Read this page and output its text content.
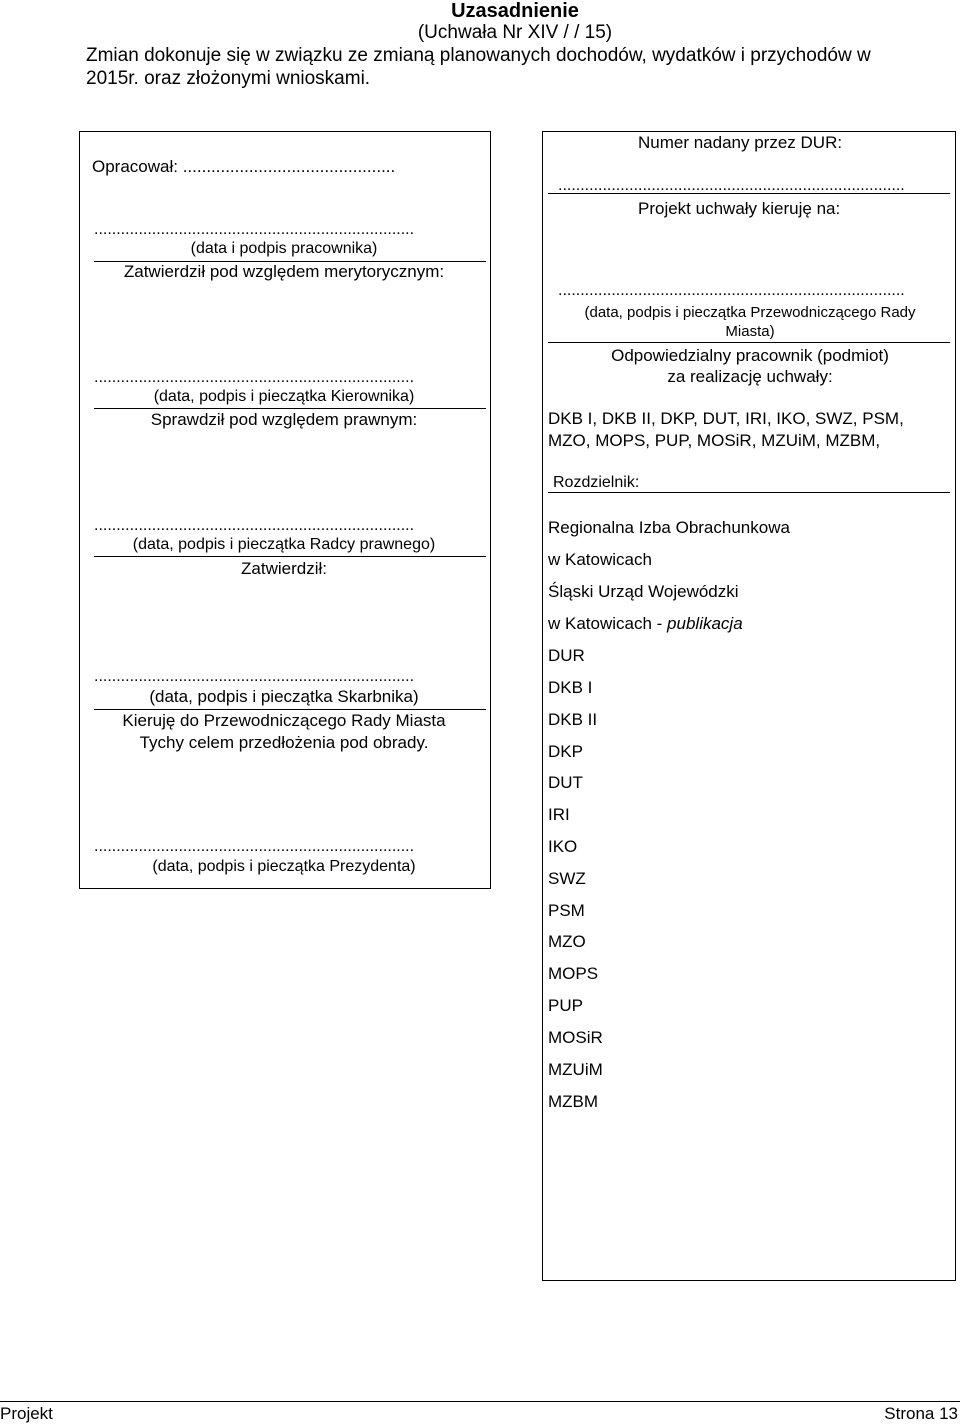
Uzasadnienie
(Uchwała Nr XIV / / 15)
Zmian dokonuje się w związku ze zmianą planowanych dochodów, wydatków i przychodów w
2015r. oraz złożonymi wnioskami.
Opracował: .............................................
........................................................................
(data i podpis pracownika)
Zatwierdził pod względem merytorycznym:
........................................................................
(data, podpis i pieczątka Kierownika)
Sprawdził pod względem prawnym:
........................................................................
(data, podpis i pieczątka Radcy prawnego)
Zatwierdził:
........................................................................
(data, podpis i pieczątka Skarbnika)
Kieruję do Przewodniczącego Rady Miasta
Tychy celem przedłożenia pod obrady.
........................................................................
(data, podpis i pieczątka Prezydenta)
Numer nadany przez DUR:
..............................................................................
Projekt uchwały kieruję na:
..............................................................................
(data, podpis i pieczątka Przewodniczącego Rady
Miasta)
Odpowiedzialny pracownik (podmiot)
za realizację uchwały:
DKB I, DKB II, DKP, DUT, IRI, IKO, SWZ, PSM,
MZO, MOPS, PUP, MOSiR, MZUiM, MZBM,
Rozdzielnik:
Regionalna Izba Obrachunkowa
w Katowicach
Śląski Urząd Wojewódzki
w Katowicach - publikacja
DUR
DKB I
DKB II
DKP
DUT
IRI
IKO
SWZ
PSM
MZO
MOPS
PUP
MOSiR
MZUiM
MZBM
Projekt	Strona 13
